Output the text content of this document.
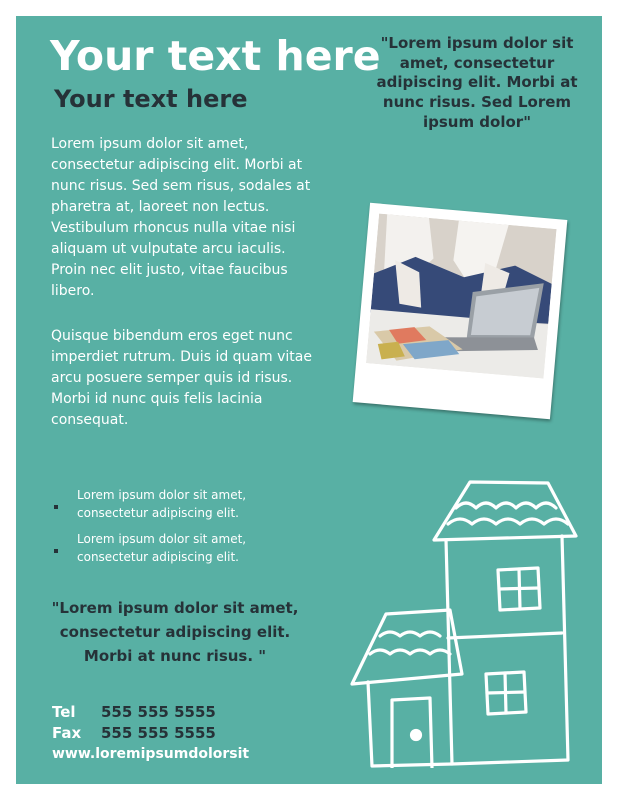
Your text here
Your text here

"Lorem ipsum dolor sit amet, consectetur adipiscing elit. Morbi at nunc risus. Sed Lorem ipsum dolor"

Lorem ipsum dolor sit amet, consectetur adipiscing elit. Morbi at nunc risus. Sed sem risus, sodales at pharetra at, laoreet non lectus. Vestibulum rhoncus nulla vitae nisi aliquam ut vulputate arcu iaculis. Proin nec elit justo, vitae faucibus libero.

Quisque bibendum eros eget nunc imperdiet rutrum. Duis id quam vitae arcu posuere semper quis id risus. Morbi id nunc quis felis lacinia consequat.

Lorem ipsum dolor sit amet, consectetur adipiscing elit.
Lorem ipsum dolor sit amet, consectetur adipiscing elit.

"Lorem ipsum dolor sit amet, consectetur adipiscing elit. Morbi at nunc risus. "

Tel 555 555 5555
Fax 555 555 5555
www.loremipsumdolorsit
